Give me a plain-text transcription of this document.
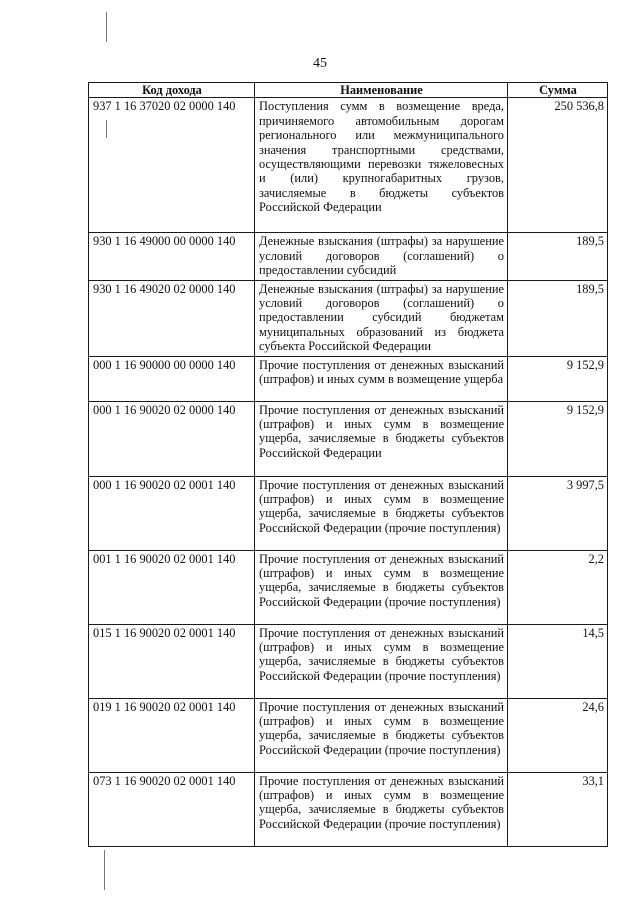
45
Код дохода	Наименование	Сумма
937 1 16 37020 02 0000 140	Поступления сумм в возмещение вреда, причиняемого автомобильным дорогам регионального или межмуниципального значения транспортными средствами, осуществляющими перевозки тяжеловесных и (или) крупногабаритных грузов, зачисляемые в бюджеты субъектов Российской Федерации	250 536,8
930 1 16 49000 00 0000 140	Денежные взыскания (штрафы) за нарушение условий договоров (соглашений) о предоставлении субсидий	189,5
930 1 16 49020 02 0000 140	Денежные взыскания (штрафы) за нарушение условий договоров (соглашений) о предоставлении субсидий бюджетам муниципальных образований из бюджета субъекта Российской Федерации	189,5
000 1 16 90000 00 0000 140	Прочие поступления от денежных взысканий (штрафов) и иных сумм в возмещение ущерба	9 152,9
000 1 16 90020 02 0000 140	Прочие поступления от денежных взысканий (штрафов) и иных сумм в возмещение ущерба, зачисляемые в бюджеты субъектов Российской Федерации	9 152,9
000 1 16 90020 02 0001 140	Прочие поступления от денежных взысканий (штрафов) и иных сумм в возмещение ущерба, зачисляемые в бюджеты субъектов Российской Федерации (прочие поступления)	3 997,5
001 1 16 90020 02 0001 140	Прочие поступления от денежных взысканий (штрафов) и иных сумм в возмещение ущерба, зачисляемые в бюджеты субъектов Российской Федерации (прочие поступления)	2,2
015 1 16 90020 02 0001 140	Прочие поступления от денежных взысканий (штрафов) и иных сумм в возмещение ущерба, зачисляемые в бюджеты субъектов Российской Федерации (прочие поступления)	14,5
019 1 16 90020 02 0001 140	Прочие поступления от денежных взысканий (штрафов) и иных сумм в возмещение ущерба, зачисляемые в бюджеты субъектов Российской Федерации (прочие поступления)	24,6
073 1 16 90020 02 0001 140	Прочие поступления от денежных взысканий (штрафов) и иных сумм в возмещение ущерба, зачисляемые в бюджеты субъектов Российской Федерации (прочие поступления)	33,1
